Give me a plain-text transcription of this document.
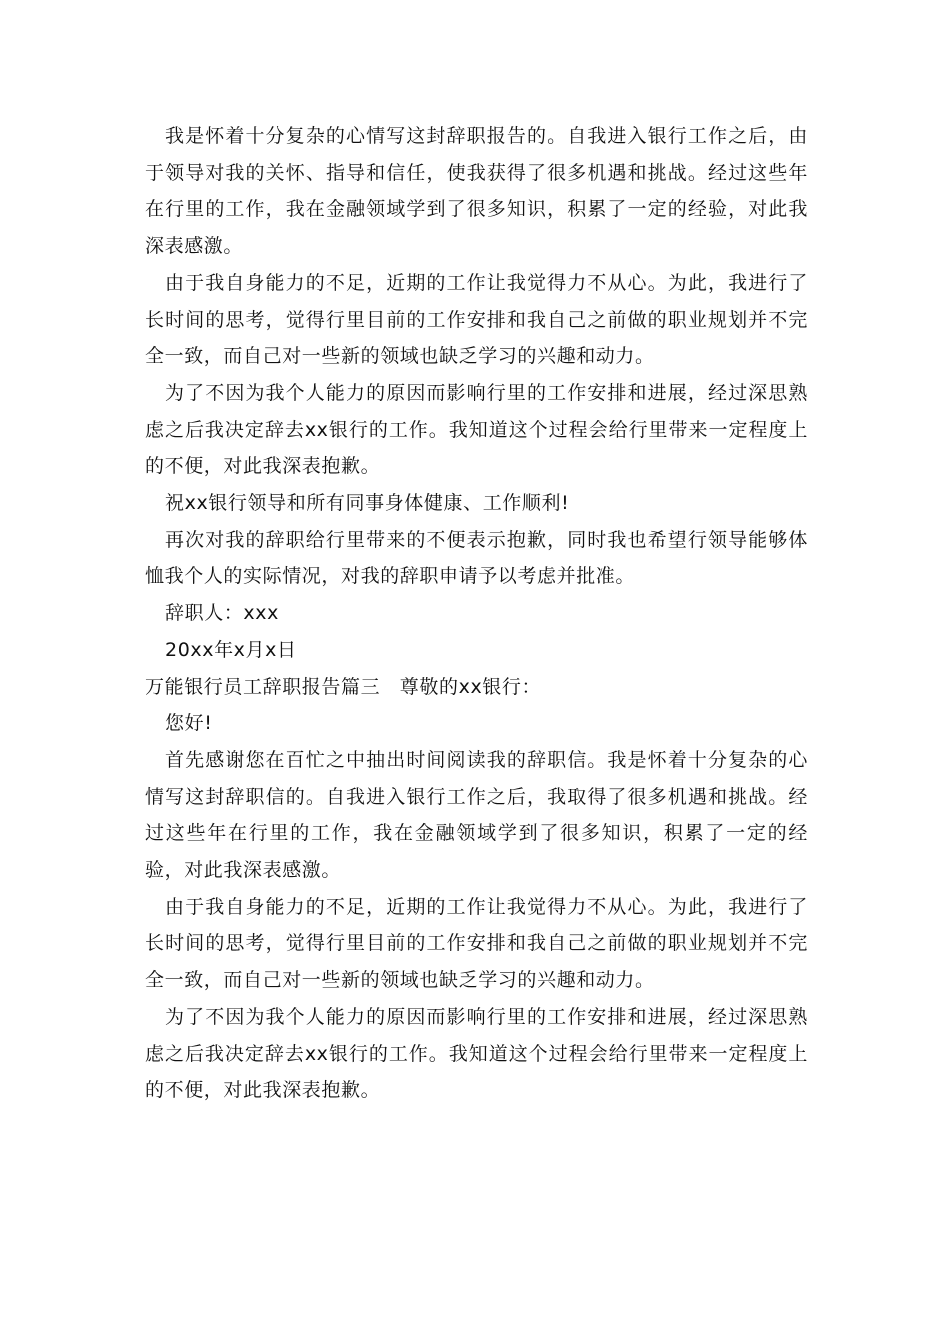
我是怀着十分复杂的心情写这封辞职报告的。自我进入银行工作之后，由于领导对我的关怀、指导和信任，使我获得了很多机遇和挑战。经过这些年在行里的工作，我在金融领域学到了很多知识，积累了一定的经验，对此我深表感激。

由于我自身能力的不足，近期的工作让我觉得力不从心。为此，我进行了长时间的思考，觉得行里目前的工作安排和我自己之前做的职业规划并不完全一致，而自己对一些新的领域也缺乏学习的兴趣和动力。

为了不因为我个人能力的原因而影响行里的工作安排和进展，经过深思熟虑之后我决定辞去xx银行的工作。我知道这个过程会给行里带来一定程度上的不便，对此我深表抱歉。

祝xx银行领导和所有同事身体健康、工作顺利!

再次对我的辞职给行里带来的不便表示抱歉，同时我也希望行领导能够体恤我个人的实际情况，对我的辞职申请予以考虑并批准。

辞职人：xxx

20xx年x月x日

万能银行员工辞职报告篇三　尊敬的xx银行：

您好!

首先感谢您在百忙之中抽出时间阅读我的辞职信。我是怀着十分复杂的心情写这封辞职信的。自我进入银行工作之后，我取得了很多机遇和挑战。经过这些年在行里的工作，我在金融领域学到了很多知识，积累了一定的经验，对此我深表感激。

由于我自身能力的不足，近期的工作让我觉得力不从心。为此，我进行了长时间的思考，觉得行里目前的工作安排和我自己之前做的职业规划并不完全一致，而自己对一些新的领域也缺乏学习的兴趣和动力。

为了不因为我个人能力的原因而影响行里的工作安排和进展，经过深思熟虑之后我决定辞去xx银行的工作。我知道这个过程会给行里带来一定程度上的不便，对此我深表抱歉。
